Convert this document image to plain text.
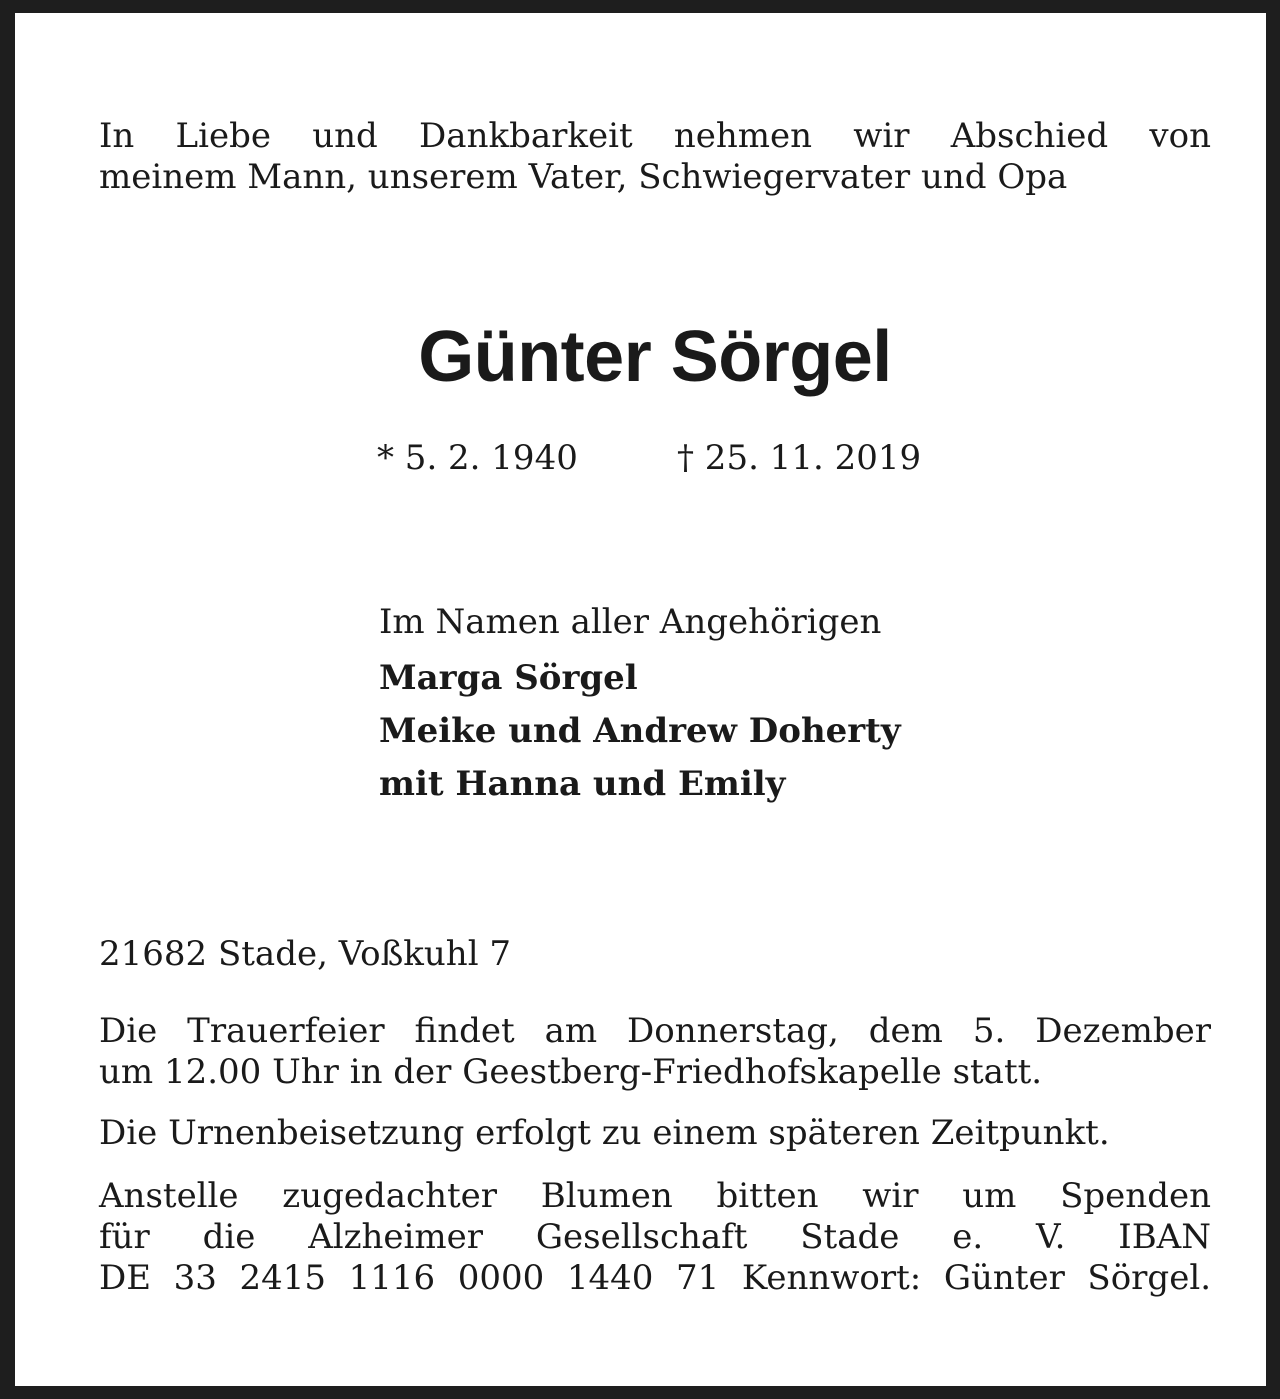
In Liebe und Dankbarkeit nehmen wir Abschied von
meinem Mann, unserem Vater, Schwiegervater und Opa
Günter Sörgel
* 5. 2. 1940	† 25. 11. 2019
Im Namen aller Angehörigen
Marga Sörgel
Meike und Andrew Doherty
mit Hanna und Emily
21682 Stade, Voßkuhl 7
Die Trauerfeier findet am Donnerstag, dem 5. Dezember
um 12.00 Uhr in der Geestberg-Friedhofskapelle statt.
Die Urnenbeisetzung erfolgt zu einem späteren Zeitpunkt.
Anstelle zugedachter Blumen bitten wir um Spenden
für die Alzheimer Gesellschaft Stade e. V. IBAN
DE 33 2415 1116 0000 1440 71 Kennwort: Günter Sörgel.
